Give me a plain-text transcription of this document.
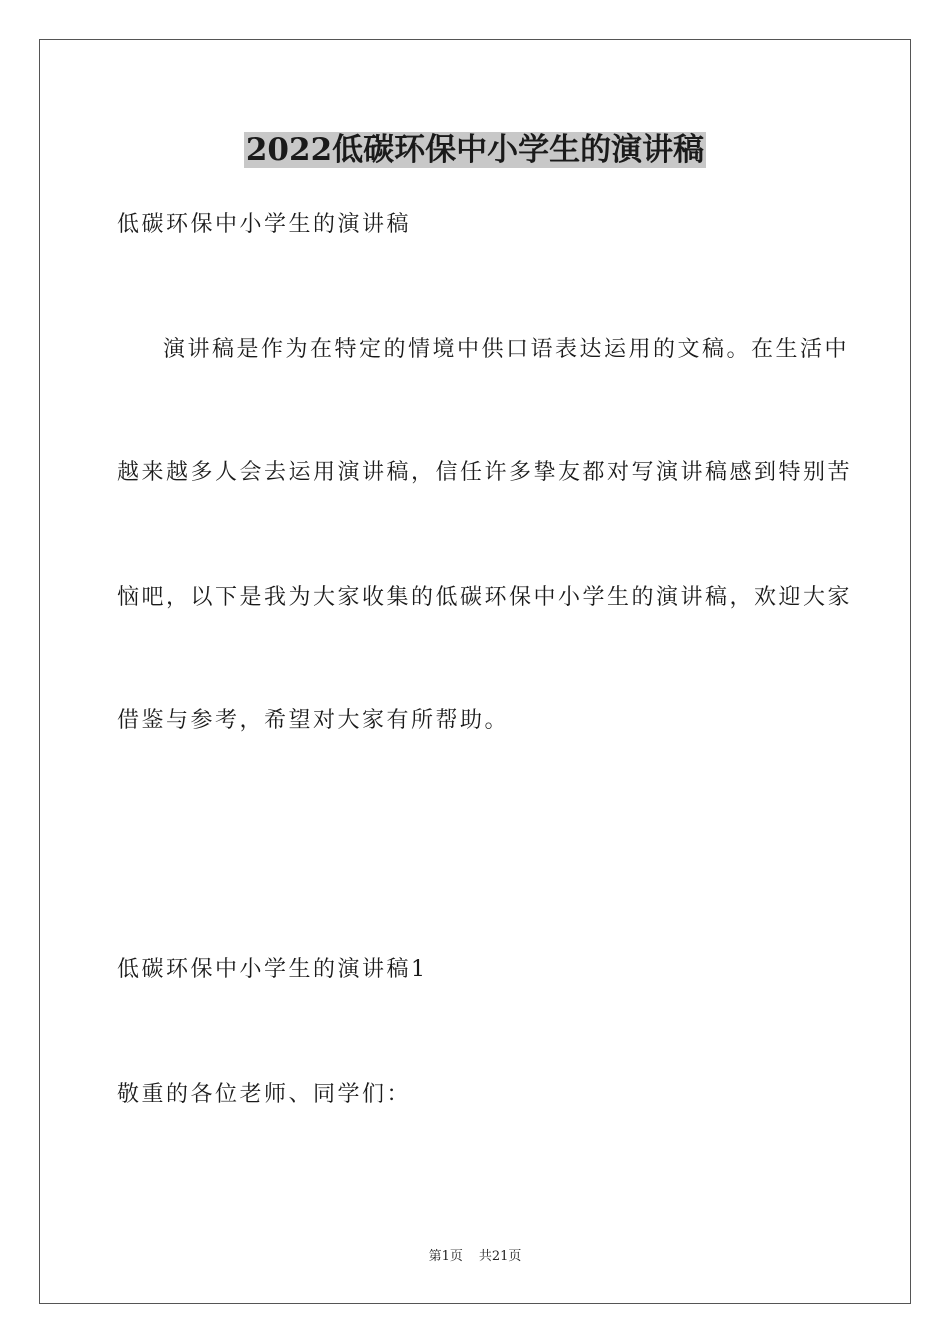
2022低碳环保中小学生的演讲稿

低碳环保中小学生的演讲稿

演讲稿是作为在特定的情境中供口语表达运用的文稿。在生活中

越来越多人会去运用演讲稿，信任许多挚友都对写演讲稿感到特别苦

恼吧，以下是我为大家收集的低碳环保中小学生的演讲稿，欢迎大家

借鉴与参考，希望对大家有所帮助。

低碳环保中小学生的演讲稿1

敬重的各位老师、同学们：

第1页 共21页
